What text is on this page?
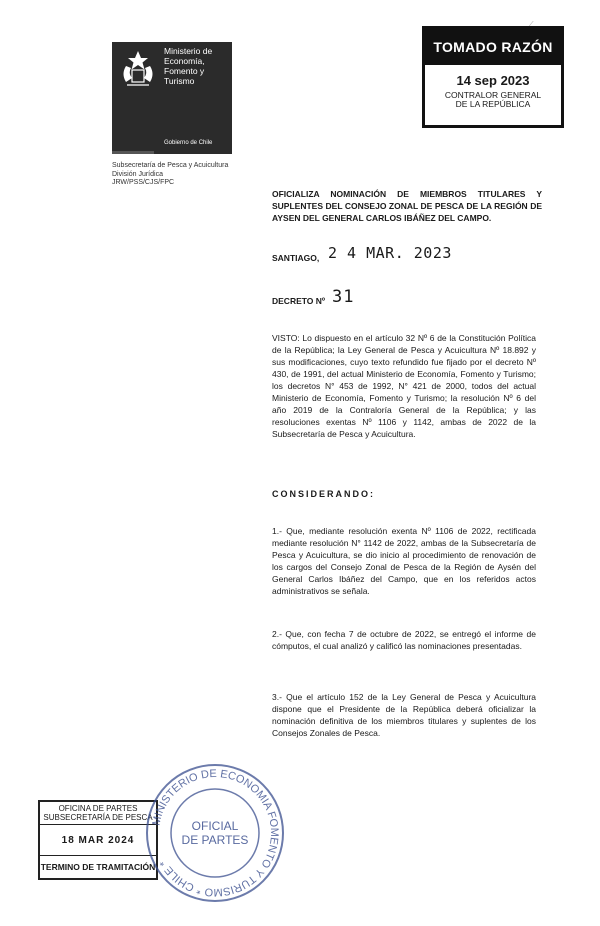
Ministerio de
Economía,
Fomento y
Turismo
Gobierno de Chile
Subsecretaría de Pesca y Acuicultura
División Jurídica
JRW/PSS/CJS/FPC
TOMADO RAZÓN
14 sep 2023
CONTRALOR GENERAL
DE LA REPÚBLICA
OFICIALIZA NOMINACIÓN DE MIEMBROS TITULARES Y SUPLENTES DEL CONSEJO ZONAL DE PESCA DE LA REGIÓN DE AYSEN DEL GENERAL CARLOS IBÁÑEZ DEL CAMPO.
SANTIAGO, 2 4 MAR. 2023
DECRETO Nº 31
VISTO: Lo dispuesto en el artículo 32 Nº 6 de la Constitución Política de la República; la Ley General de Pesca y Acuicultura Nº 18.892 y sus modificaciones, cuyo texto refundido fue fijado por el decreto Nº 430, de 1991, del actual Ministerio de Economía, Fomento y Turismo; los decretos N° 453 de 1992, N° 421 de 2000, todos del actual Ministerio de Economía, Fomento y Turismo; la resolución Nº 6 del año 2019 de la Contraloría General de la República; y las resoluciones exentas Nº 1106 y 1142, ambas de 2022 de la Subsecretaría de Pesca y Acuicultura.
CONSIDERANDO:
1.- Que, mediante resolución exenta Nº 1106 de 2022, rectificada mediante resolución N° 1142 de 2022, ambas de la Subsecretaría de Pesca y Acuicultura, se dio inicio al procedimiento de renovación de los cargos del Consejo Zonal de Pesca de la Región de Aysén del General Carlos Ibáñez del Campo, que en los referidos actos administrativos se señala.
2.- Que, con fecha 7 de octubre de 2022, se entregó el informe de cómputos, el cual analizó y calificó las nominaciones presentadas.
3.- Que el artículo 152 de la Ley General de Pesca y Acuicultura dispone que el Presidente de la República deberá oficializar la nominación definitiva de los miembros titulares y suplentes de los Consejos Zonales de Pesca.
OFICINA DE PARTES
SUBSECRETARÍA DE PESCA
18 MAR 2024
TERMINO DE TRAMITACIÓN
MINISTERIO DE ECONOMIA FOMENTO Y TURISMO * CHILE *
OFICIAL
DE PARTES
